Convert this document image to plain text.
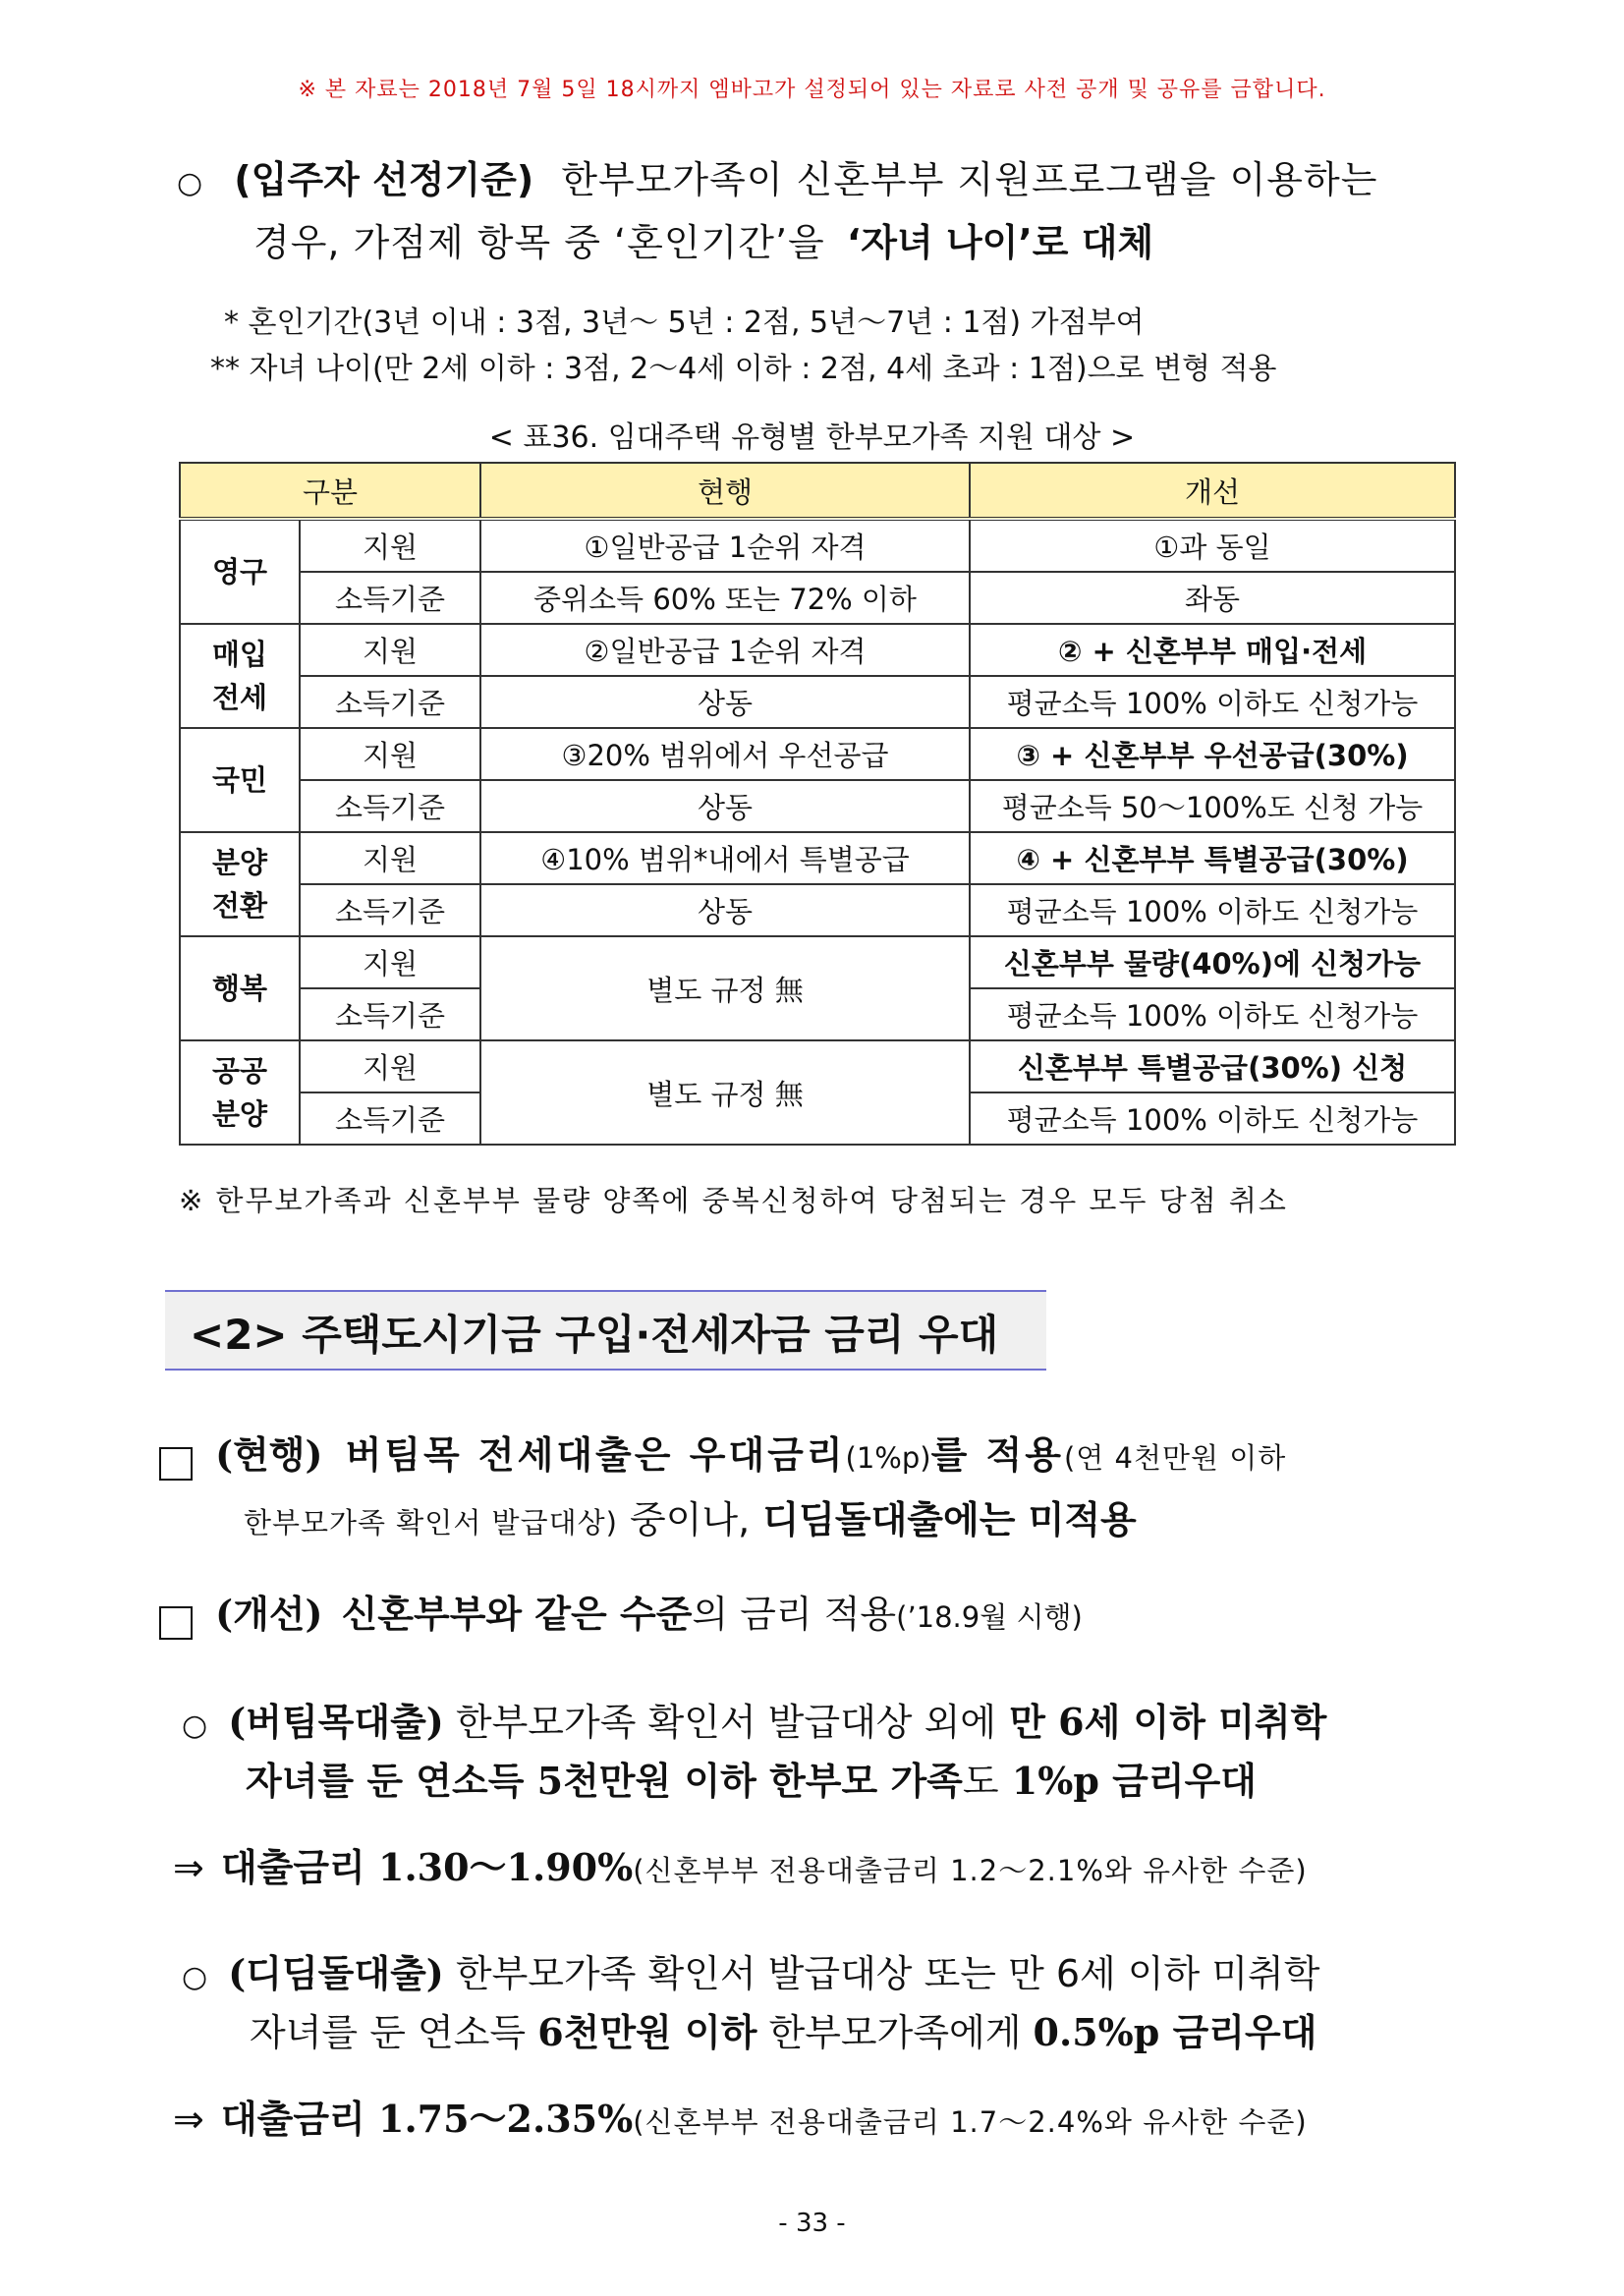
※ 본 자료는 2018년 7월 5일 18시까지 엠바고가 설정되어 있는 자료로 사전 공개 및 공유를 금합니다.
○ (입주자 선정기준) 한부모가족이 신혼부부 지원프로그램을 이용하는
경우, 가점제 항목 중 ‘혼인기간’을 ‘자녀 나이’로 대체
* 혼인기간(3년 이내 : 3점, 3년～ 5년 : 2점, 5년～7년 : 1점) 가점부여
** 자녀 나이(만 2세 이하 : 3점, 2～4세 이하 : 2점, 4세 초과 : 1점)으로 변형 적용
< 표36. 임대주택 유형별 한부모가족 지원 대상 >
구분		현행	개선
영구	지원	①일반공급 1순위 자격	①과 동일
	소득기준	중위소득 60% 또는 72% 이하	좌동
매입
전세	지원	②일반공급 1순위 자격	② + 신혼부부 매입·전세
	소득기준	상동	평균소득 100% 이하도 신청가능
국민	지원	③20% 범위에서 우선공급	③ + 신혼부부 우선공급(30%)
	소득기준	상동	평균소득 50～100%도 신청 가능
분양
전환	지원	④10% 범위*내에서 특별공급	④ + 신혼부부 특별공급(30%)
	소득기준	상동	평균소득 100% 이하도 신청가능
행복	지원	별도 규정 無	신혼부부 물량(40%)에 신청가능
	소득기준		평균소득 100% 이하도 신청가능
공공
분양	지원	별도 규정 無	신혼부부 특별공급(30%) 신청
	소득기준		평균소득 100% 이하도 신청가능
※ 한무보가족과 신혼부부 물량 양쪽에 중복신청하여 당첨되는 경우 모두 당첨 취소
<2> 주택도시기금 구입·전세자금 금리 우대
(현행) 버팀목 전세대출은 우대금리(1%p)를 적용(연 4천만원 이하
한부모가족 확인서 발급대상) 중이나, 디딤돌대출에는 미적용
(개선) 신혼부부와 같은 수준의 금리 적용(’18.9월 시행)
○ (버팀목대출) 한부모가족 확인서 발급대상 외에 만 6세 이하 미취학
자녀를 둔 연소득 5천만원 이하 한부모 가족도 1%p 금리우대
⇒ 대출금리 1.30～1.90%(신혼부부 전용대출금리 1.2～2.1%와 유사한 수준)
○ (디딤돌대출) 한부모가족 확인서 발급대상 또는 만 6세 이하 미취학
자녀를 둔 연소득 6천만원 이하 한부모가족에게 0.5%p 금리우대
⇒ 대출금리 1.75～2.35%(신혼부부 전용대출금리 1.7～2.4%와 유사한 수준)
- 33 -
